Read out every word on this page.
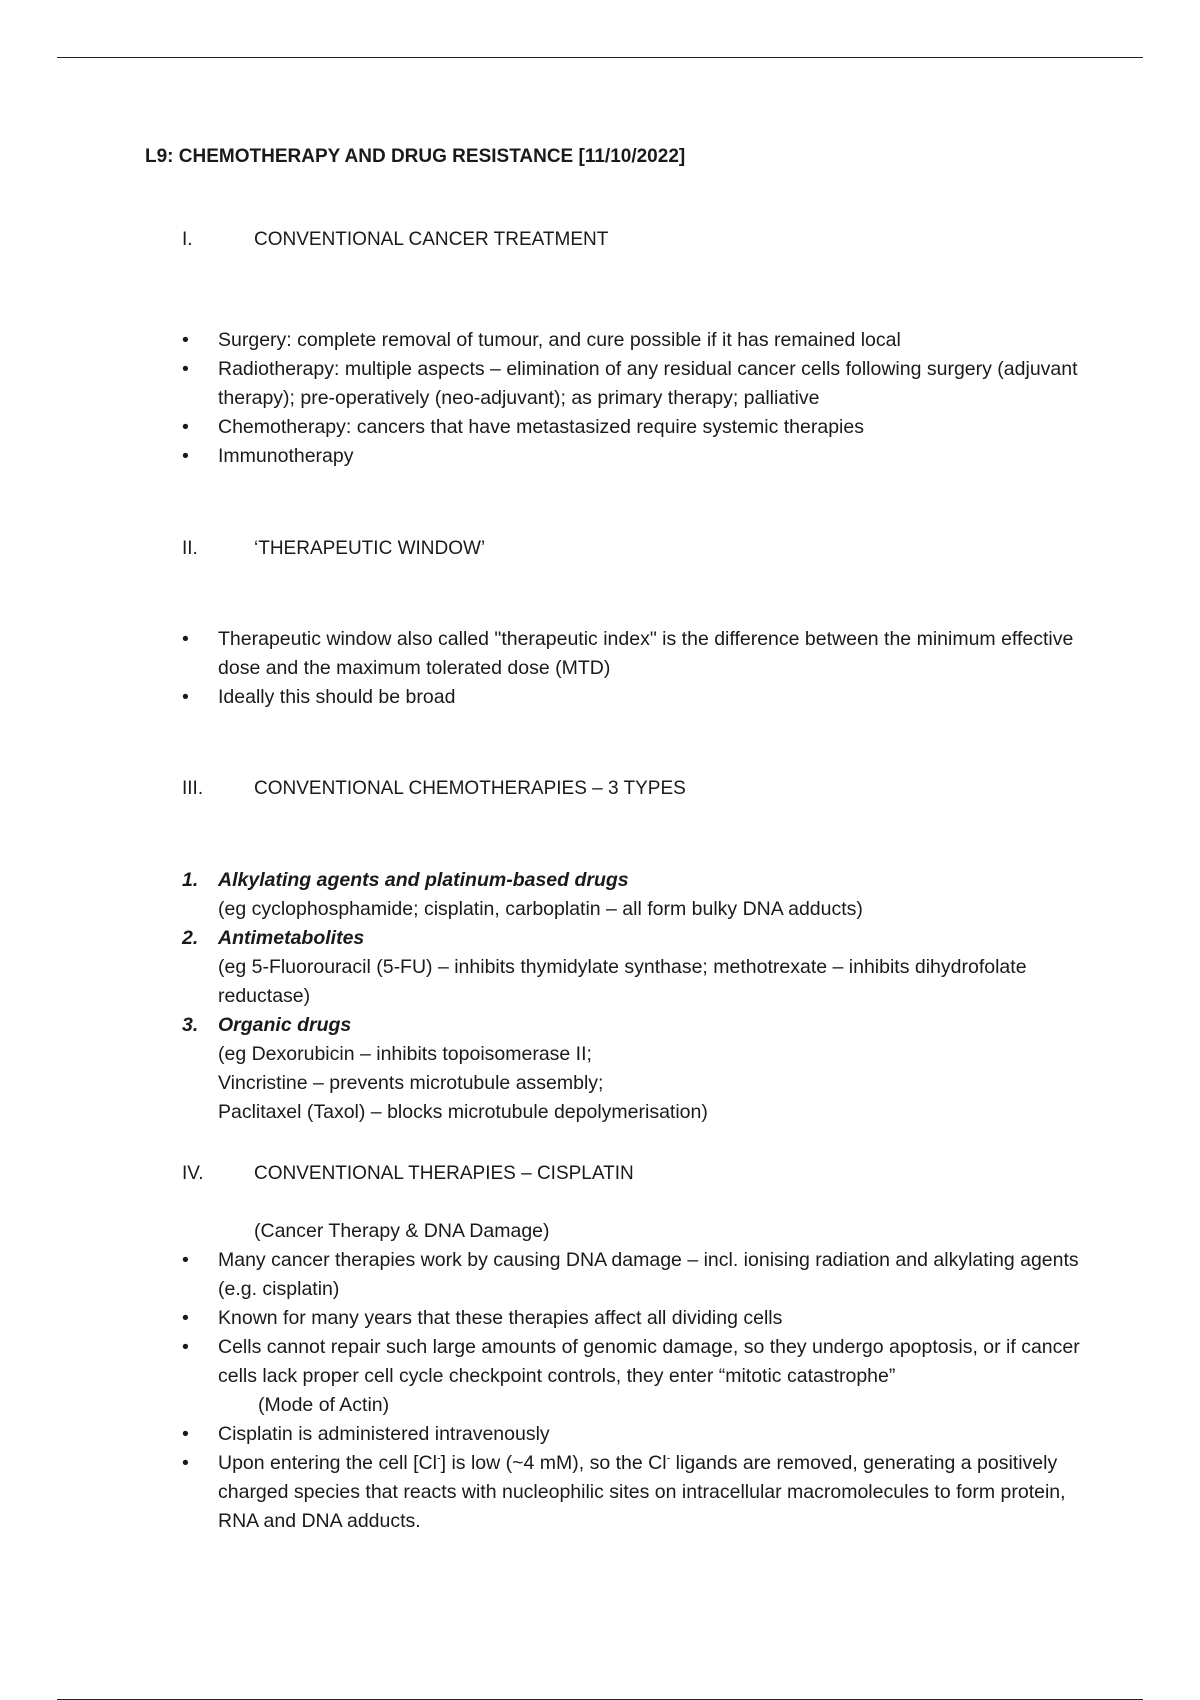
L9: CHEMOTHERAPY AND DRUG RESISTANCE [11/10/2022]
I.	CONVENTIONAL CANCER TREATMENT
•
Surgery: complete removal of tumour, and cure possible if it has remained local
•
Radiotherapy: multiple aspects – elimination of any residual cancer cells following surgery (adjuvant therapy); pre-operatively (neo-adjuvant); as primary therapy; palliative
•
Chemotherapy: cancers that have metastasized require systemic therapies
•
Immunotherapy
II.	‘THERAPEUTIC WINDOW’
•
Therapeutic window also called "therapeutic index" is the difference between the minimum effective dose and the maximum tolerated dose (MTD)
•
Ideally this should be broad
III.	CONVENTIONAL CHEMOTHERAPIES – 3 TYPES
1.	Alkylating agents and platinum-based drugs
(eg cyclophosphamide; cisplatin, carboplatin – all form bulky DNA adducts)
2.	Antimetabolites
(eg 5-Fluorouracil (5-FU) – inhibits thymidylate synthase; methotrexate – inhibits dihydrofolate reductase)
3.	Organic drugs
(eg Dexorubicin – inhibits topoisomerase II;
Vincristine – prevents microtubule assembly;
Paclitaxel (Taxol) – blocks microtubule depolymerisation)
IV.	CONVENTIONAL THERAPIES – CISPLATIN
(Cancer Therapy & DNA Damage)
•
Many cancer therapies work by causing DNA damage – incl. ionising radiation and alkylating agents (e.g. cisplatin)
•
Known for many years that these therapies affect all dividing cells
•
Cells cannot repair such large amounts of genomic damage, so they undergo apoptosis, or if cancer cells lack proper cell cycle checkpoint controls, they enter “mitotic catastrophe”
(Mode of Actin)
•
Cisplatin is administered intravenously
•
Upon entering the cell [Cl-] is low (~4 mM), so the Cl- ligands are removed, generating a positively charged species that reacts with nucleophilic sites on intracellular macromolecules to form protein, RNA and DNA adducts.
